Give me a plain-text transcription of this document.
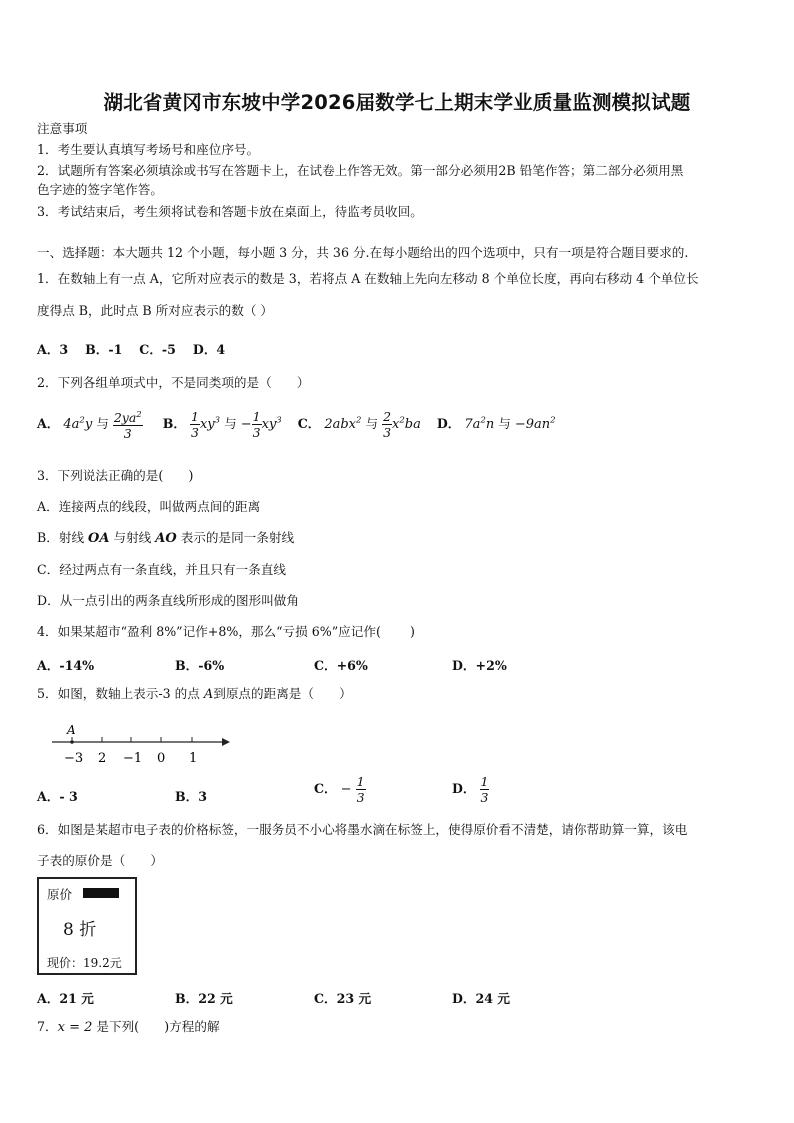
湖北省黄冈市东坡中学2026届数学七上期末学业质量监测模拟试题
注意事项
1．考生要认真填写考场号和座位序号。
2．试题所有答案必须填涂或书写在答题卡上，在试卷上作答无效。第一部分必须用2B 铅笔作答；第二部分必须用黑
色字迹的签字笔作答。
3．考试结束后，考生须将试卷和答题卡放在桌面上，待监考员收回。
一、选择题：本大题共 12 个小题，每小题 3 分，共 36 分.在每小题给出的四个选项中，只有一项是符合题目要求的.
1．在数轴上有一点 A，它所对应表示的数是 3，若将点 A 在数轴上先向左移动 8 个单位长度，再向右移动 4 个单位长
度得点 B，此时点 B 所对应表示的数（ ）
A．3　 B．-1　 C．-5　 D．4
2．下列各组单项式中，不是同类项的是（　　）
A． $4a^2y$ 与 $\frac{2ya^2}{3}$ B． $\frac{1}{3} xy^3$ 与 − $\frac{1}{3} xy^3$ C． 2abx$^2$ 与 $\frac{2}{3} x^2ba$ D． $7a^2n$ 与 $-9an^2$
3．下列说法正确的是(　　)
A．连接两点的线段，叫做两点间的距离
B．射线 OA 与射线 AO 表示的是同一条射线
C．经过两点有一条直线，并且只有一条直线
D．从一点引出的两条直线所形成的图形叫做角
4．如果某超市“盈利 8%”记作+8%，那么“亏损 6%”应记作(　　 )
A．-14%	B．-6%	C．+6%	D．+2%
5．如图，数轴上表示-3 的点 A到原点的距离是（　　）
A
−3 2 −1 0 1
A．- 3	B．3
C． − $\frac{1}{3}$	D． $\frac{1}{3}$
6．如图是某超市电子表的价格标签，一服务员不小心将墨水滴在标签上，使得原价看不清楚，请你帮助算一算，该电
子表的原价是（　　）
原价
8 折
现价：19.2元
A．21 元	B．22 元	C．23 元	D．24 元
7．x = 2 是下列(　　)方程的解
